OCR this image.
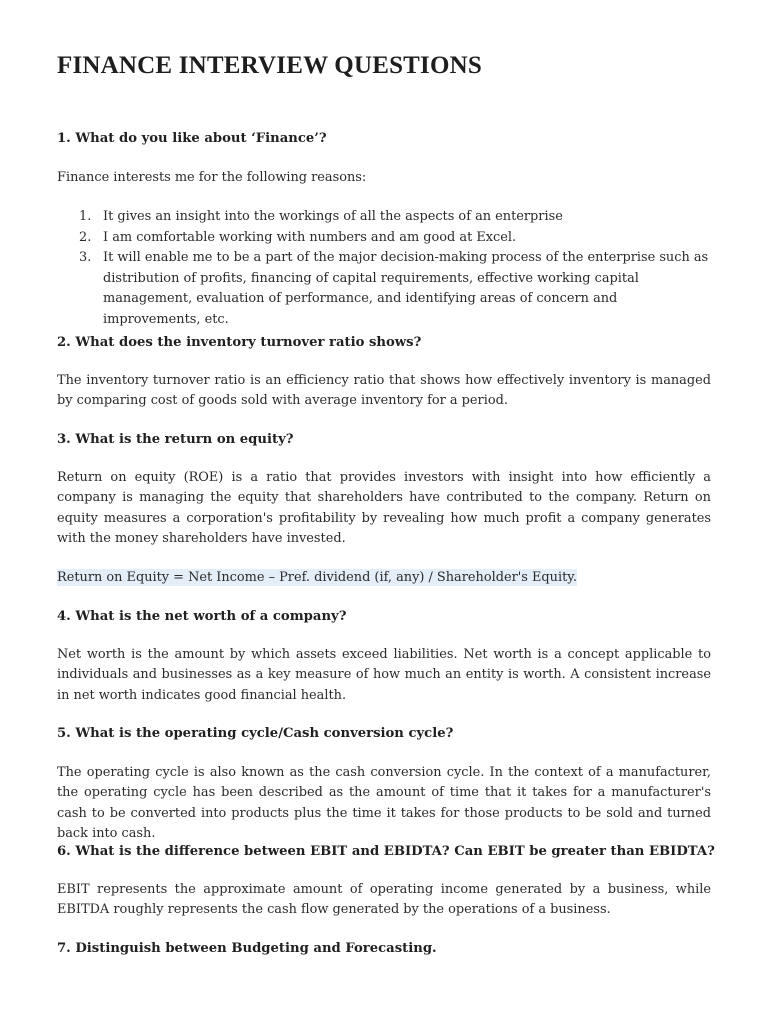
FINANCE INTERVIEW QUESTIONS

1. What do you like about ‘Finance’?

Finance interests me for the following reasons:

1. It gives an insight into the workings of all the aspects of an enterprise
2. I am comfortable working with numbers and am good at Excel.
3. It will enable me to be a part of the major decision-making process of the enterprise such as distribution of profits, financing of capital requirements, effective working capital management, evaluation of performance, and identifying areas of concern and improvements, etc.

2. What does the inventory turnover ratio shows?

The inventory turnover ratio is an efficiency ratio that shows how effectively inventory is managed by comparing cost of goods sold with average inventory for a period.

3. What is the return on equity?

Return on equity (ROE) is a ratio that provides investors with insight into how efficiently a company is managing the equity that shareholders have contributed to the company. Return on equity measures a corporation's profitability by revealing how much profit a company generates with the money shareholders have invested.

Return on Equity = Net Income – Pref. dividend (if, any) / Shareholder's Equity.

4. What is the net worth of a company?

Net worth is the amount by which assets exceed liabilities. Net worth is a concept applicable to individuals and businesses as a key measure of how much an entity is worth. A consistent increase in net worth indicates good financial health.

5. What is the operating cycle/Cash conversion cycle?

The operating cycle is also known as the cash conversion cycle. In the context of a manufacturer, the operating cycle has been described as the amount of time that it takes for a manufacturer's cash to be converted into products plus the time it takes for those products to be sold and turned back into cash.

6. What is the difference between EBIT and EBIDTA? Can EBIT be greater than EBIDTA?

EBIT represents the approximate amount of operating income generated by a business, while EBITDA roughly represents the cash flow generated by the operations of a business.

7. Distinguish between Budgeting and Forecasting.
